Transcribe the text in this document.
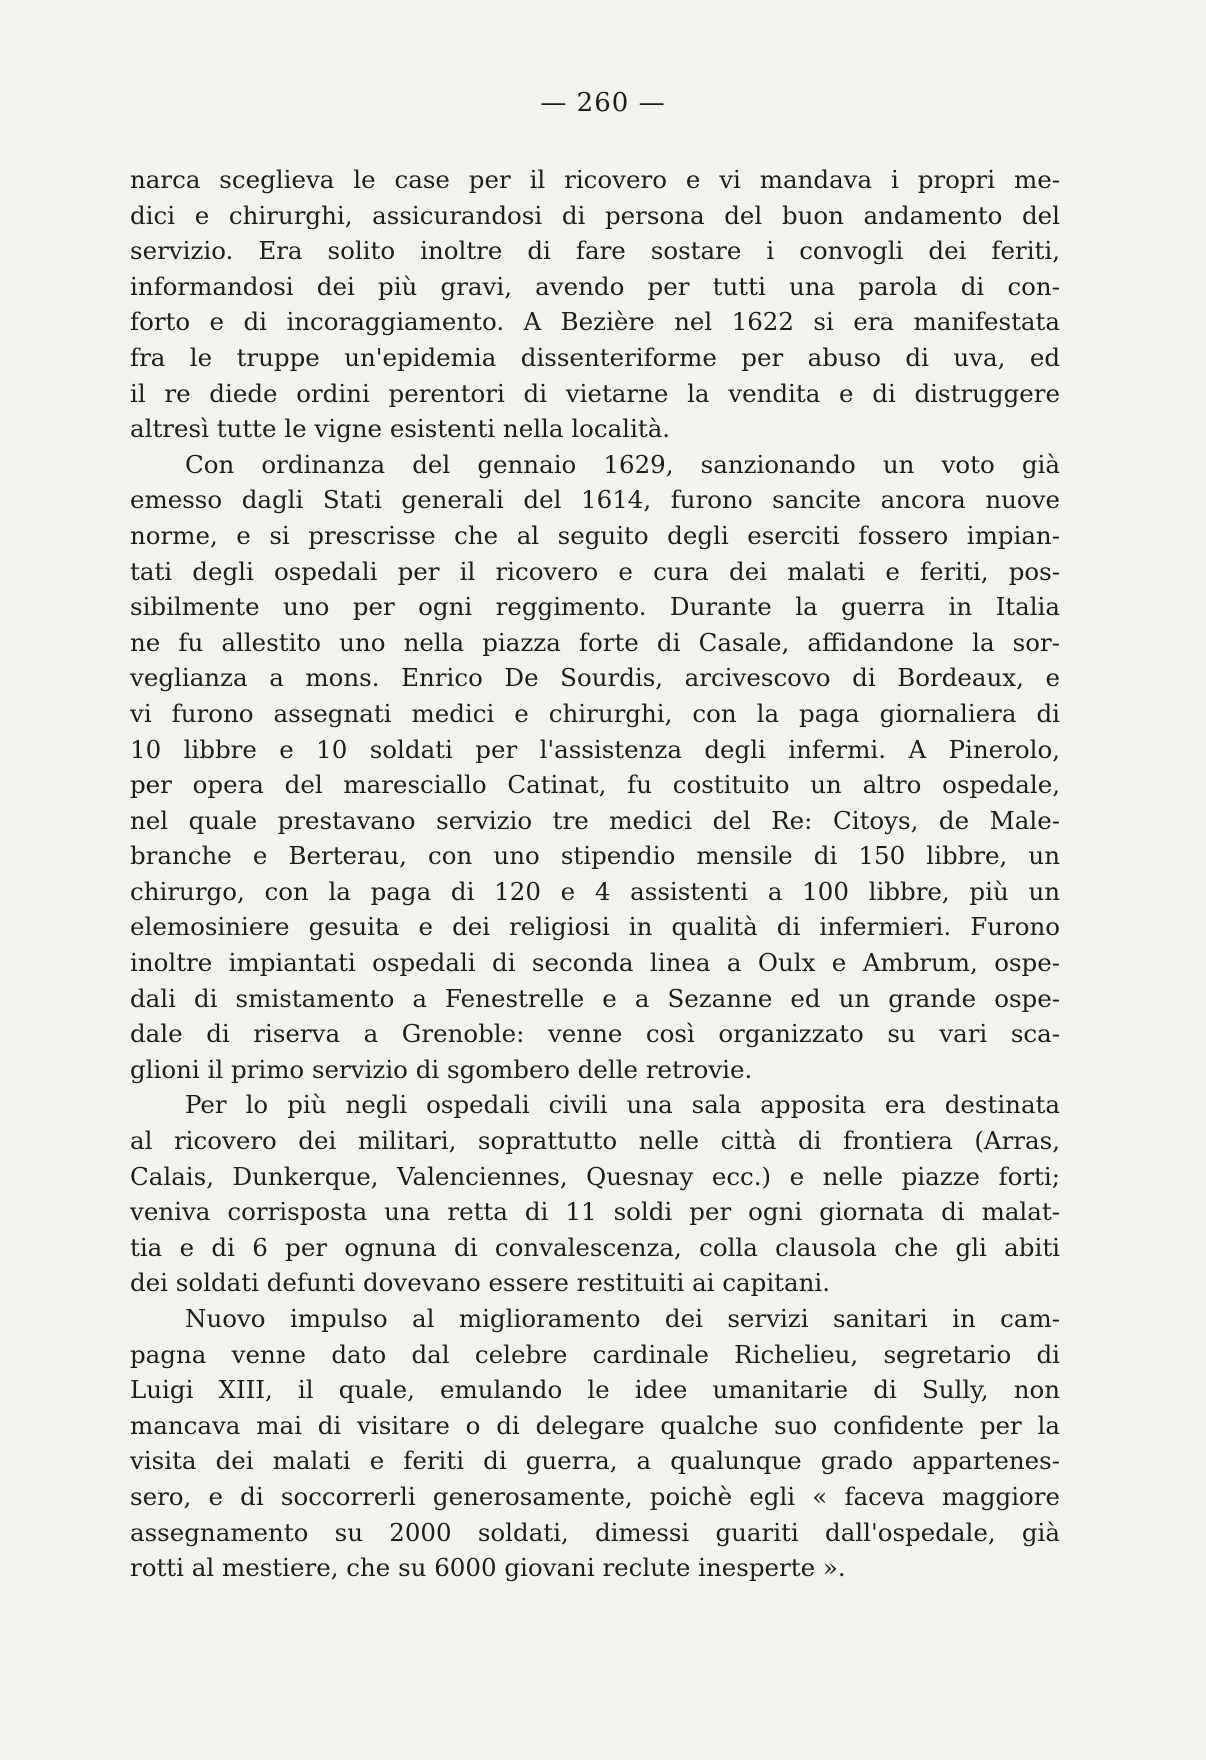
— 260 —
narca sceglieva le case per il ricovero e vi mandava i propri me-
dici e chirurghi, assicurandosi di persona del buon andamento del
servizio. Era solito inoltre di fare sostare i convogli dei feriti,
informandosi dei più gravi, avendo per tutti una parola di con-
forto e di incoraggiamento. A Bezière nel 1622 si era manifestata
fra le truppe un'epidemia dissenteriforme per abuso di uva, ed
il re diede ordini perentori di vietarne la vendita e di distruggere
altresì tutte le vigne esistenti nella località.
Con ordinanza del gennaio 1629, sanzionando un voto già
emesso dagli Stati generali del 1614, furono sancite ancora nuove
norme, e si prescrisse che al seguito degli eserciti fossero impian-
tati degli ospedali per il ricovero e cura dei malati e feriti, pos-
sibilmente uno per ogni reggimento. Durante la guerra in Italia
ne fu allestito uno nella piazza forte di Casale, affidandone la sor-
veglianza a mons. Enrico De Sourdis, arcivescovo di Bordeaux, e
vi furono assegnati medici e chirurghi, con la paga giornaliera di
10 libbre e 10 soldati per l'assistenza degli infermi. A Pinerolo,
per opera del maresciallo Catinat, fu costituito un altro ospedale,
nel quale prestavano servizio tre medici del Re: Citoys, de Male-
branche e Berterau, con uno stipendio mensile di 150 libbre, un
chirurgo, con la paga di 120 e 4 assistenti a 100 libbre, più un
elemosiniere gesuita e dei religiosi in qualità di infermieri. Furono
inoltre impiantati ospedali di seconda linea a Oulx e Ambrum, ospe-
dali di smistamento a Fenestrelle e a Sezanne ed un grande ospe-
dale di riserva a Grenoble: venne così organizzato su vari sca-
glioni il primo servizio di sgombero delle retrovie.
Per lo più negli ospedali civili una sala apposita era destinata
al ricovero dei militari, soprattutto nelle città di frontiera (Arras,
Calais, Dunkerque, Valenciennes, Quesnay ecc.) e nelle piazze forti;
veniva corrisposta una retta di 11 soldi per ogni giornata di malat-
tia e di 6 per ognuna di convalescenza, colla clausola che gli abiti
dei soldati defunti dovevano essere restituiti ai capitani.
Nuovo impulso al miglioramento dei servizi sanitari in cam-
pagna venne dato dal celebre cardinale Richelieu, segretario di
Luigi XIII, il quale, emulando le idee umanitarie di Sully, non
mancava mai di visitare o di delegare qualche suo confidente per la
visita dei malati e feriti di guerra, a qualunque grado appartenes-
sero, e di soccorrerli generosamente, poichè egli « faceva maggiore
assegnamento su 2000 soldati, dimessi guariti dall'ospedale, già
rotti al mestiere, che su 6000 giovani reclute inesperte ».
